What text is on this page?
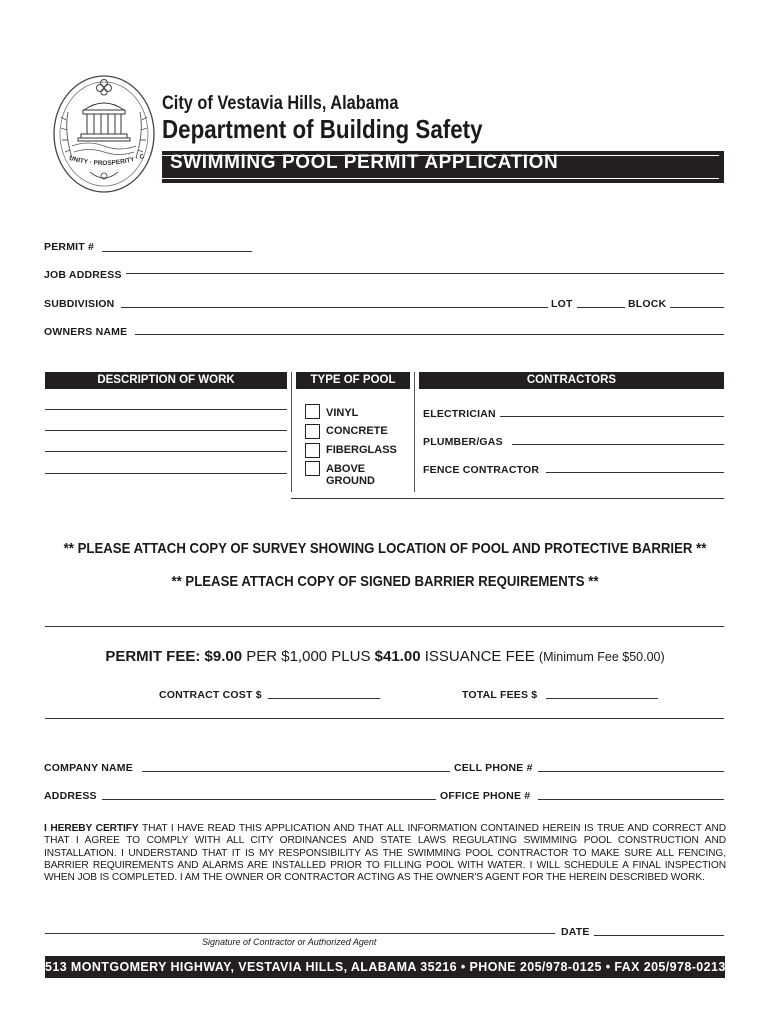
UNITY · PROSPERITY · C
City of Vestavia Hills, Alabama
Department of Building Safety
SWIMMING POOL PERMIT APPLICATION
PERMIT #
JOB ADDRESS
SUBDIVISION	LOT	BLOCK
OWNERS NAME
DESCRIPTION OF WORK	TYPE OF POOL	CONTRACTORS
VINYL
CONCRETE
FIBERGLASS
ABOVE GROUND
ELECTRICIAN
PLUMBER/GAS
FENCE CONTRACTOR
** PLEASE ATTACH COPY OF SURVEY SHOWING LOCATION OF POOL AND PROTECTIVE BARRIER **
** PLEASE ATTACH COPY OF SIGNED BARRIER REQUIREMENTS **
PERMIT FEE: $9.00 PER $1,000 PLUS $41.00 ISSUANCE FEE (Minimum Fee $50.00)
CONTRACT COST $	TOTAL FEES $
COMPANY NAME	CELL PHONE #
ADDRESS	OFFICE PHONE #
I HEREBY CERTIFY THAT I HAVE READ THIS APPLICATION AND THAT ALL INFORMATION CONTAINED HEREIN IS TRUE AND CORRECT AND THAT I AGREE TO COMPLY WITH ALL CITY ORDINANCES AND STATE LAWS REGULATING SWIMMING POOL CONSTRUCTION AND INSTALLATION. I UNDERSTAND THAT IT IS MY RESPONSIBILITY AS THE SWIMMING POOL CONTRACTOR TO MAKE SURE ALL FENCING, BARRIER REQUIREMENTS AND ALARMS ARE INSTALLED PRIOR TO FILLING POOL WITH WATER. I WILL SCHEDULE A FINAL INSPECTION WHEN JOB IS COMPLETED. I AM THE OWNER OR CONTRACTOR ACTING AS THE OWNER'S AGENT FOR THE HEREIN DESCRIBED WORK.
Signature of Contractor or Authorized Agent
DATE
513 MONTGOMERY HIGHWAY, VESTAVIA HILLS, ALABAMA 35216 • PHONE 205/978-0125 • FAX 205/978-0213
